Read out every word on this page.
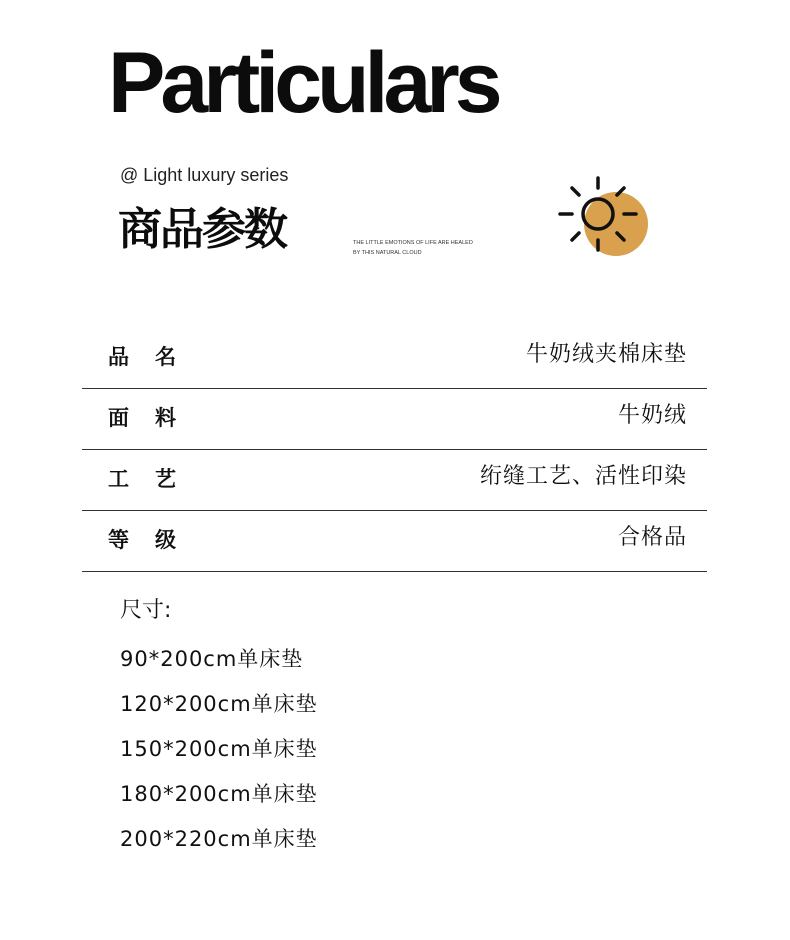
Particulars
@ Light luxury series
商品参数	THE LITTLE EMOTIONS OF LIFE ARE HEALED
BY THIS NATURAL CLOUD
品名	牛奶绒夹棉床垫
面料	牛奶绒
工艺	绗缝工艺、活性印染
等级	合格品
尺寸:
90*200cm单床垫
120*200cm单床垫
150*200cm单床垫
180*200cm单床垫
200*220cm单床垫
